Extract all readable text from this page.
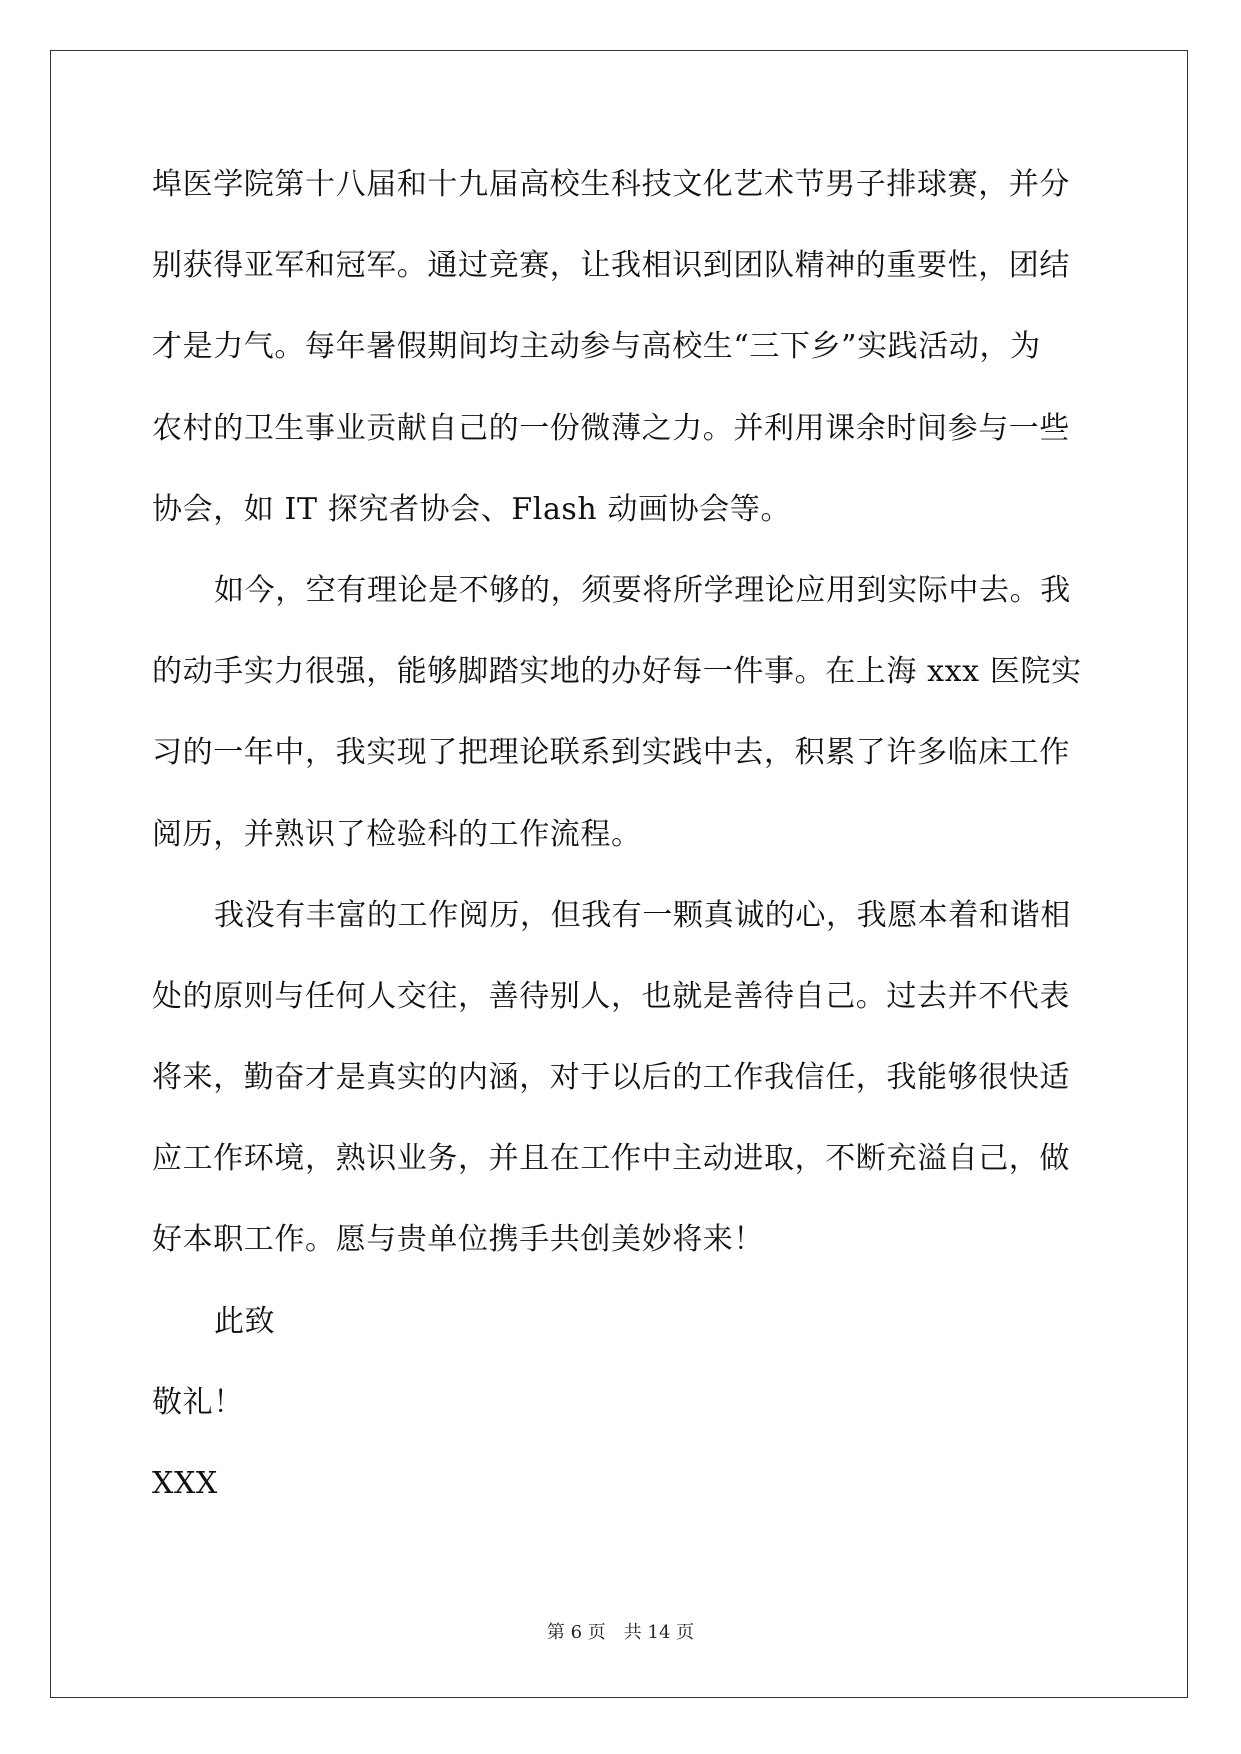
埠医学院第十八届和十九届高校生科技文化艺术节男子排球赛，并分
别获得亚军和冠军。通过竞赛，让我相识到团队精神的重要性，团结
才是力气。每年暑假期间均主动参与高校生“三下乡”实践活动，为
农村的卫生事业贡献自己的一份微薄之力。并利用课余时间参与一些
协会，如 IT 探究者协会、Flash 动画协会等。
如今，空有理论是不够的，须要将所学理论应用到实际中去。我
的动手实力很强，能够脚踏实地的办好每一件事。在上海 xxx 医院实
习的一年中，我实现了把理论联系到实践中去，积累了许多临床工作
阅历，并熟识了检验科的工作流程。
我没有丰富的工作阅历，但我有一颗真诚的心，我愿本着和谐相
处的原则与任何人交往，善待别人，也就是善待自己。过去并不代表
将来，勤奋才是真实的内涵，对于以后的工作我信任，我能够很快适
应工作环境，熟识业务，并且在工作中主动进取，不断充溢自己，做
好本职工作。愿与贵单位携手共创美妙将来！
此致
敬礼！
XXX
第 6 页　共 14 页
